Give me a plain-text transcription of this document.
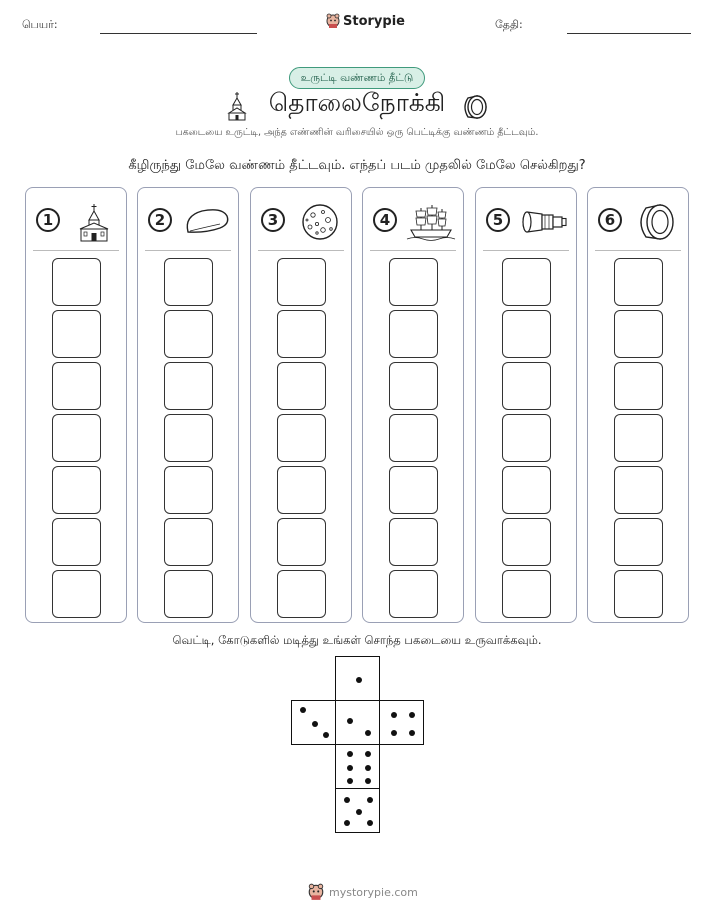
பெயர்:	Storypie	தேதி:
உருட்டி வண்ணம் தீட்டு
தொலைநோக்கி
பகடையை உருட்டி, அந்த எண்ணின் வரிசையில் ஒரு பெட்டிக்கு வண்ணம் தீட்டவும்.
கீழிருந்து மேலே வண்ணம் தீட்டவும். எந்தப் படம் முதலில் மேலே செல்கிறது?
1	2	3	4	5	6
வெட்டி, கோடுகளில் மடித்து உங்கள் சொந்த பகடையை உருவாக்கவும்.
mystorypie.com
